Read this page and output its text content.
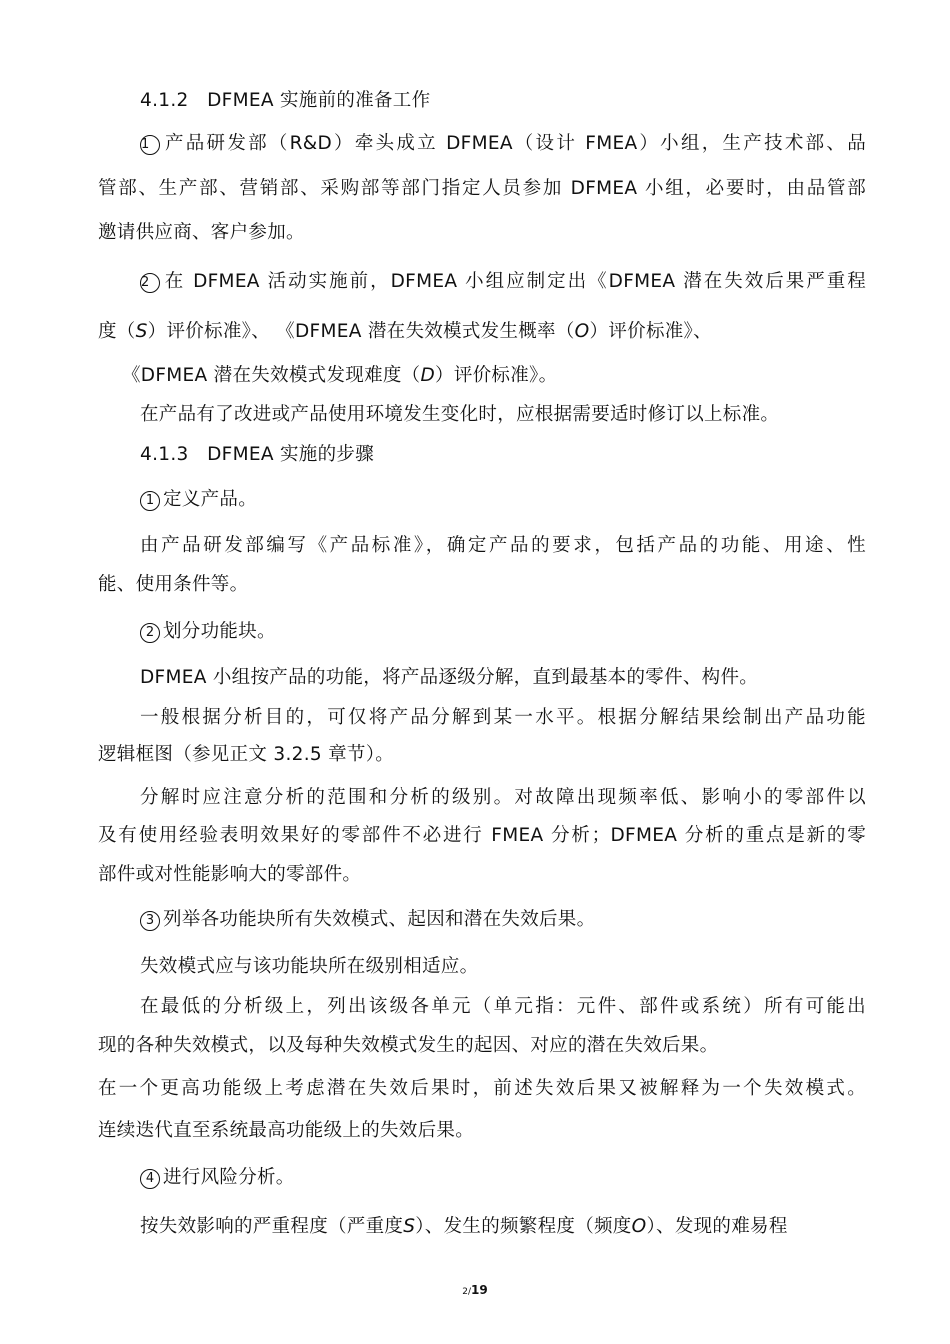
4.1.2 DFMEA 实施前的准备工作
1 产品研发部（R&D）牵头成立 DFMEA（设计 FMEA）小组，生产技术部、品
管部、生产部、营销部、采购部等部门指定人员参加 DFMEA 小组，必要时，由品管部
邀请供应商、客户参加。
2 在 DFMEA 活动实施前，DFMEA 小组应制定出《DFMEA 潜在失效后果严重程
度（S）评价标准》、 《DFMEA 潜在失效模式发生概率（O）评价标准》、
《DFMEA 潜在失效模式发现难度（D）评价标准》。
在产品有了改进或产品使用环境发生变化时，应根据需要适时修订以上标准。
4.1.3 DFMEA 实施的步骤
1 定义产品。
由产品研发部编写《产品标准》，确定产品的要求，包括产品的功能、用途、性
能、使用条件等。
2 划分功能块。
DFMEA 小组按产品的功能，将产品逐级分解，直到最基本的零件、构件。
一般根据分析目的，可仅将产品分解到某一水平。根据分解结果绘制出产品功能
逻辑框图（参见正文 3.2.5 章节）。
分解时应注意分析的范围和分析的级别。对故障出现频率低、影响小的零部件以
及有使用经验表明效果好的零部件不必进行 FMEA 分析；DFMEA 分析的重点是新的零
部件或对性能影响大的零部件。
3 列举各功能块所有失效模式、起因和潜在失效后果。
失效模式应与该功能块所在级别相适应。
在最低的分析级上，列出该级各单元（单元指：元件、部件或系统）所有可能出
现的各种失效模式，以及每种失效模式发生的起因、对应的潜在失效后果。
在一个更高功能级上考虑潜在失效后果时，前述失效后果又被解释为一个失效模式。
连续迭代直至系统最高功能级上的失效后果。
4 进行风险分析。
按失效影响的严重程度（严重度S）、发生的频繁程度（频度O）、发现的难易程
2/19
